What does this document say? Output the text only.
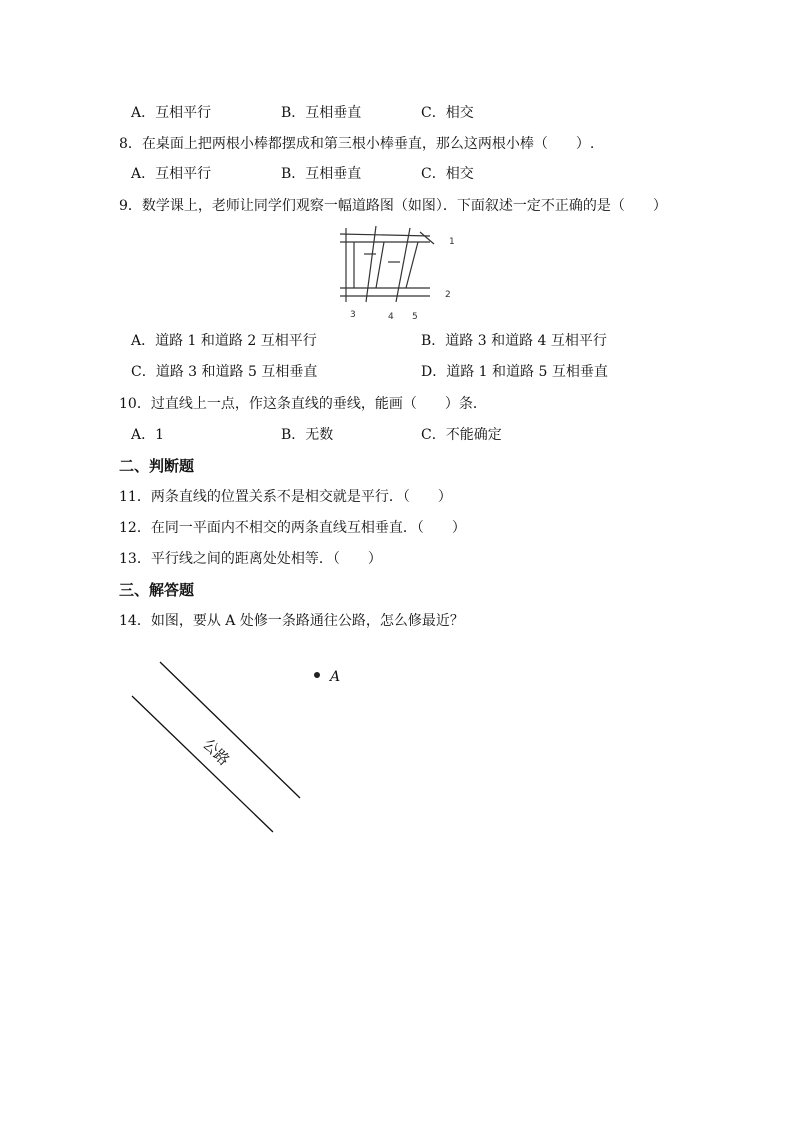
A．互相平行	B．互相垂直	C．相交
8．在桌面上把两根小棒都摆成和第三根小棒垂直，那么这两根小棒（　　）.
A．互相平行	B．互相垂直	C．相交
9．数学课上，老师让同学们观察一幅道路图（如图）．下面叙述一定不正确的是（　　）
1
2
3	4 5
A．道路 1 和道路 2 互相平行	B．道路 3 和道路 4 互相平行
C．道路 3 和道路 5 互相垂直	D．道路 1 和道路 5 互相垂直
10．过直线上一点，作这条直线的垂线，能画（　　）条．
A．1	B．无数	C．不能确定
二、判断题
11．两条直线的位置关系不是相交就是平行．（　　）
12．在同一平面内不相交的两条直线互相垂直．（　　）
13．平行线之间的距离处处相等．（　　）
三、解答题
14．如图，要从 A 处修一条路通往公路，怎么修最近？
A
公路
